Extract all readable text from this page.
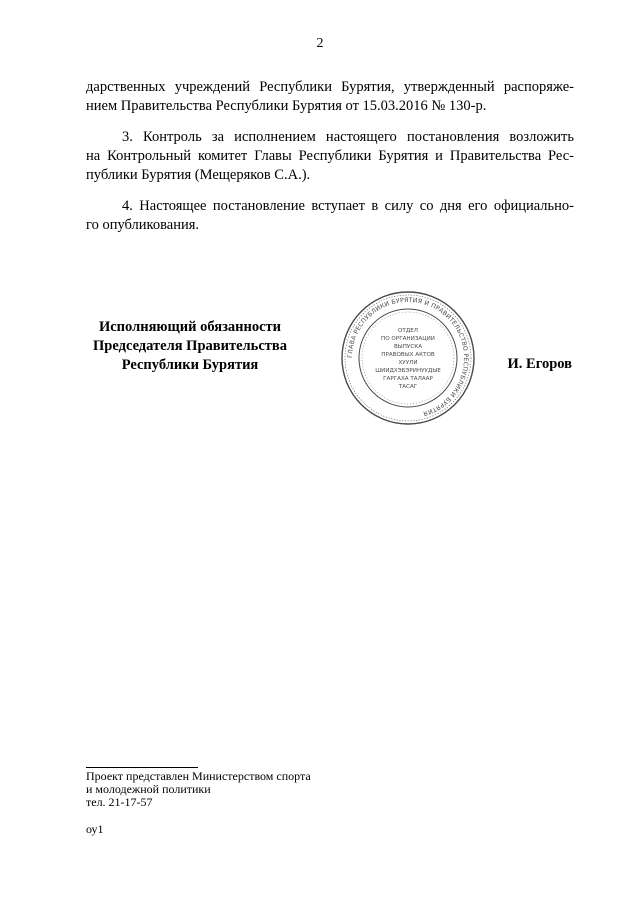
2
дарственных учреждений Республики Бурятия, утвержденный распоряже-
нием Правительства Республики Бурятия от 15.03.2016 № 130-р.
3. Контроль за исполнением настоящего постановления возложить
на Контрольный комитет Главы Республики Бурятия и Правительства Рес-
публики Бурятия (Мещеряков С.А.).
4. Настоящее постановление вступает в силу со дня его официально-
го опубликования.
Исполняющий обязанности
Председателя Правительства
Республики Бурятия
ГЛАВА РЕСПУБЛИКИ БУРЯТИЯ И ПРАВИТЕЛЬСТВО РЕСПУБЛИКИ БУРЯТИЯ
ОТДЕЛ
ПО ОРГАНИЗАЦИИ
ВЫПУСКА
ПРАВОВЫХ АКТОВ
ХУУЛИ
ШИИДХЭБЭРИНУУДЫЕ
ГАРГАХА ТАЛААР
ТАСАГ
И. Егоров
Проект представлен Министерством спорта
и молодежной политики
тел. 21-17-57
оу1
